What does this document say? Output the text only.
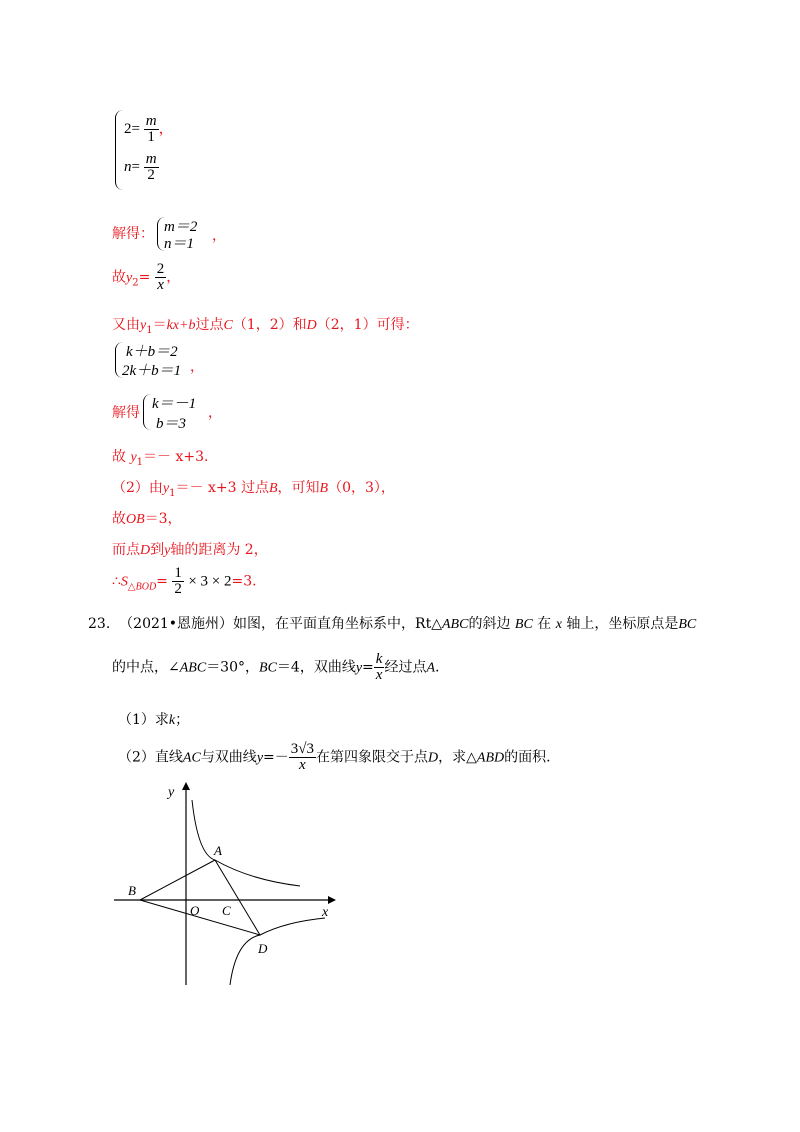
$2= \frac{m}{1}$ ，
$n= \frac{m}{2}$
解得： m＝2
n＝1 ，
故$y_2= \frac{2}{x}$ ，
又由$y_1=kx+b$过点C（1，2）和D（2，1）可得：
k＋b＝2
2k＋b＝1 ，
解得
k＝－1
b＝3
，
故 $y_1=- x+3$.
（2）由$y_1=- x+3$ 过点B，可知B（0，3），
故OB＝3，
而点D到y轴的距离为 2，
$\therefore S_{\triangle BOD}= \frac{1}{2} \times 3 \times 2=3$.
23. （2021•恩施州）如图，在平面直角坐标系中，Rt△ABC的斜边 BC 在 x 轴上，坐标原点是BC
的中点，∠ABC＝30°，BC＝4，双曲线$y= \frac{k}{x}$ 经过点A.
（1）求k；
（2）直线AC与双曲线$y=- \frac{3√3}{x}$ 在第四象限交于点D，求△ABD的面积.
y
x
A
B
O C
D
